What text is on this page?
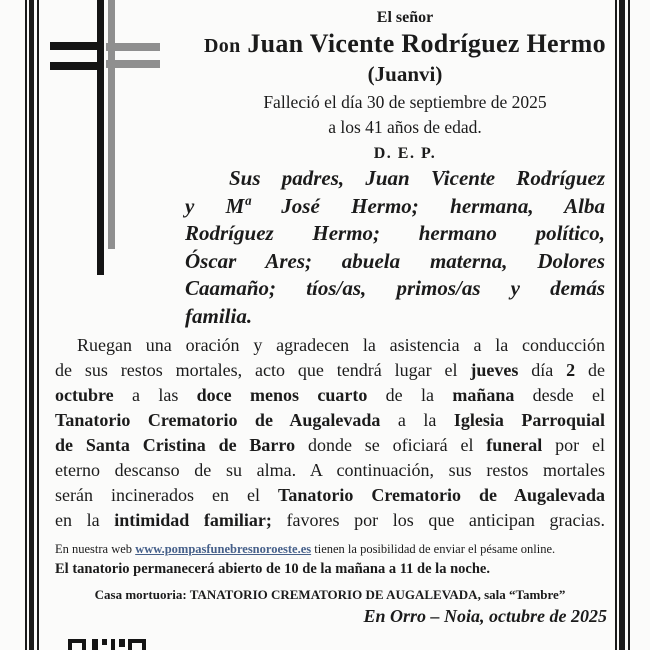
El señor
Don Juan Vicente Rodríguez Hermo
(Juanvi)
Falleció el día 30 de septiembre de 2025
a los 41 años de edad.
D. E. P.
Sus padres, Juan Vicente Rodríguez
y Mª José Hermo; hermana, Alba
Rodríguez Hermo; hermano político,
Óscar Ares; abuela materna, Dolores
Caamaño; tíos/as, primos/as y demás
familia.
Ruegan una oración y agradecen la asistencia a la conducción
de sus restos mortales, acto que tendrá lugar el jueves día 2 de
octubre a las doce menos cuarto de la mañana desde el
Tanatorio Crematorio de Augalevada a la Iglesia Parroquial
de Santa Cristina de Barro donde se oficiará el funeral por el
eterno descanso de su alma. A continuación, sus restos mortales
serán incinerados en el Tanatorio Crematorio de Augalevada
en la intimidad familiar; favores por los que anticipan gracias.
En nuestra web www.pompasfunebresnoroeste.es tienen la posibilidad de enviar el pésame online.
El tanatorio permanecerá abierto de 10 de la mañana a 11 de la noche.
Casa mortuoria: TANATORIO CREMATORIO DE AUGALEVADA, sala “Tambre”
En Orro – Noia, octubre de 2025
